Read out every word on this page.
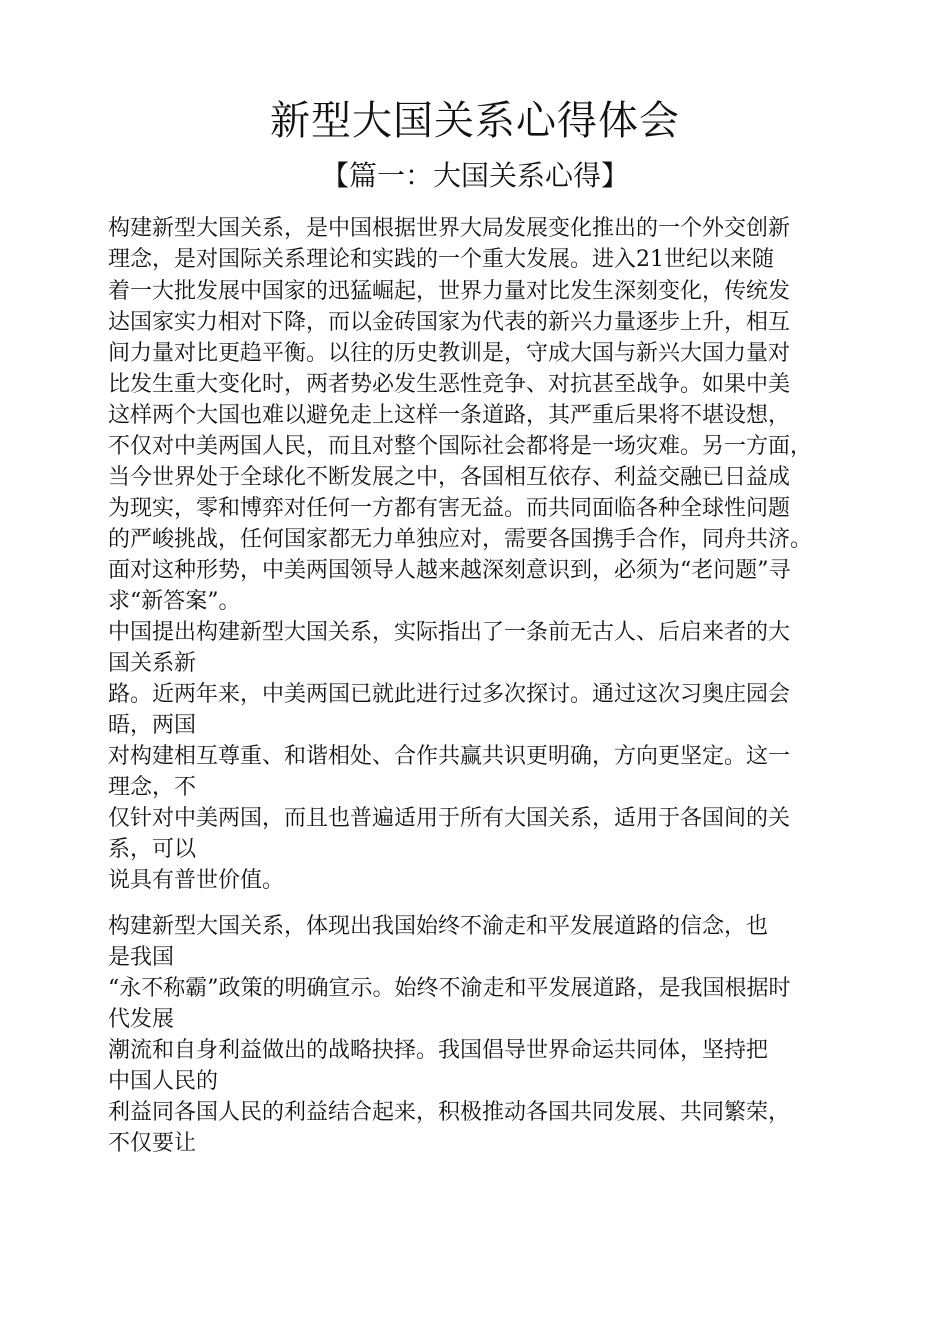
新型大国关系心得体会
【篇一：大国关系心得】

构建新型大国关系，是中国根据世界大局发展变化推出的一个外交创新

理念，是对国际关系理论和实践的一个重大发展。进入21世纪以来随

着一大批发展中国家的迅猛崛起，世界力量对比发生深刻变化，传统发

达国家实力相对下降，而以金砖国家为代表的新兴力量逐步上升，相互

间力量对比更趋平衡。以往的历史教训是，守成大国与新兴大国力量对

比发生重大变化时，两者势必发生恶性竞争、对抗甚至战争。如果中美

这样两个大国也难以避免走上这样一条道路，其严重后果将不堪设想，

不仅对中美两国人民，而且对整个国际社会都将是一场灾难。另一方面，

当今世界处于全球化不断发展之中，各国相互依存、利益交融已日益成

为现实，零和博弈对任何一方都有害无益。而共同面临各种全球性问题

的严峻挑战，任何国家都无力单独应对，需要各国携手合作，同舟共济。

面对这种形势，中美两国领导人越来越深刻意识到，必须为“老问题”寻

求“新答案”。

中国提出构建新型大国关系，实际指出了一条前无古人、后启来者的大

国关系新

路。近两年来，中美两国已就此进行过多次探讨。通过这次习奥庄园会

晤，两国

对构建相互尊重、和谐相处、合作共赢共识更明确，方向更坚定。这一

理念，不

仅针对中美两国，而且也普遍适用于所有大国关系，适用于各国间的关

系，可以

说具有普世价值。

构建新型大国关系，体现出我国始终不渝走和平发展道路的信念，也

是我国

“永不称霸”政策的明确宣示。始终不渝走和平发展道路，是我国根据时

代发展

潮流和自身利益做出的战略抉择。我国倡导世界命运共同体，坚持把

中国人民的

利益同各国人民的利益结合起来，积极推动各国共同发展、共同繁荣，

不仅要让
